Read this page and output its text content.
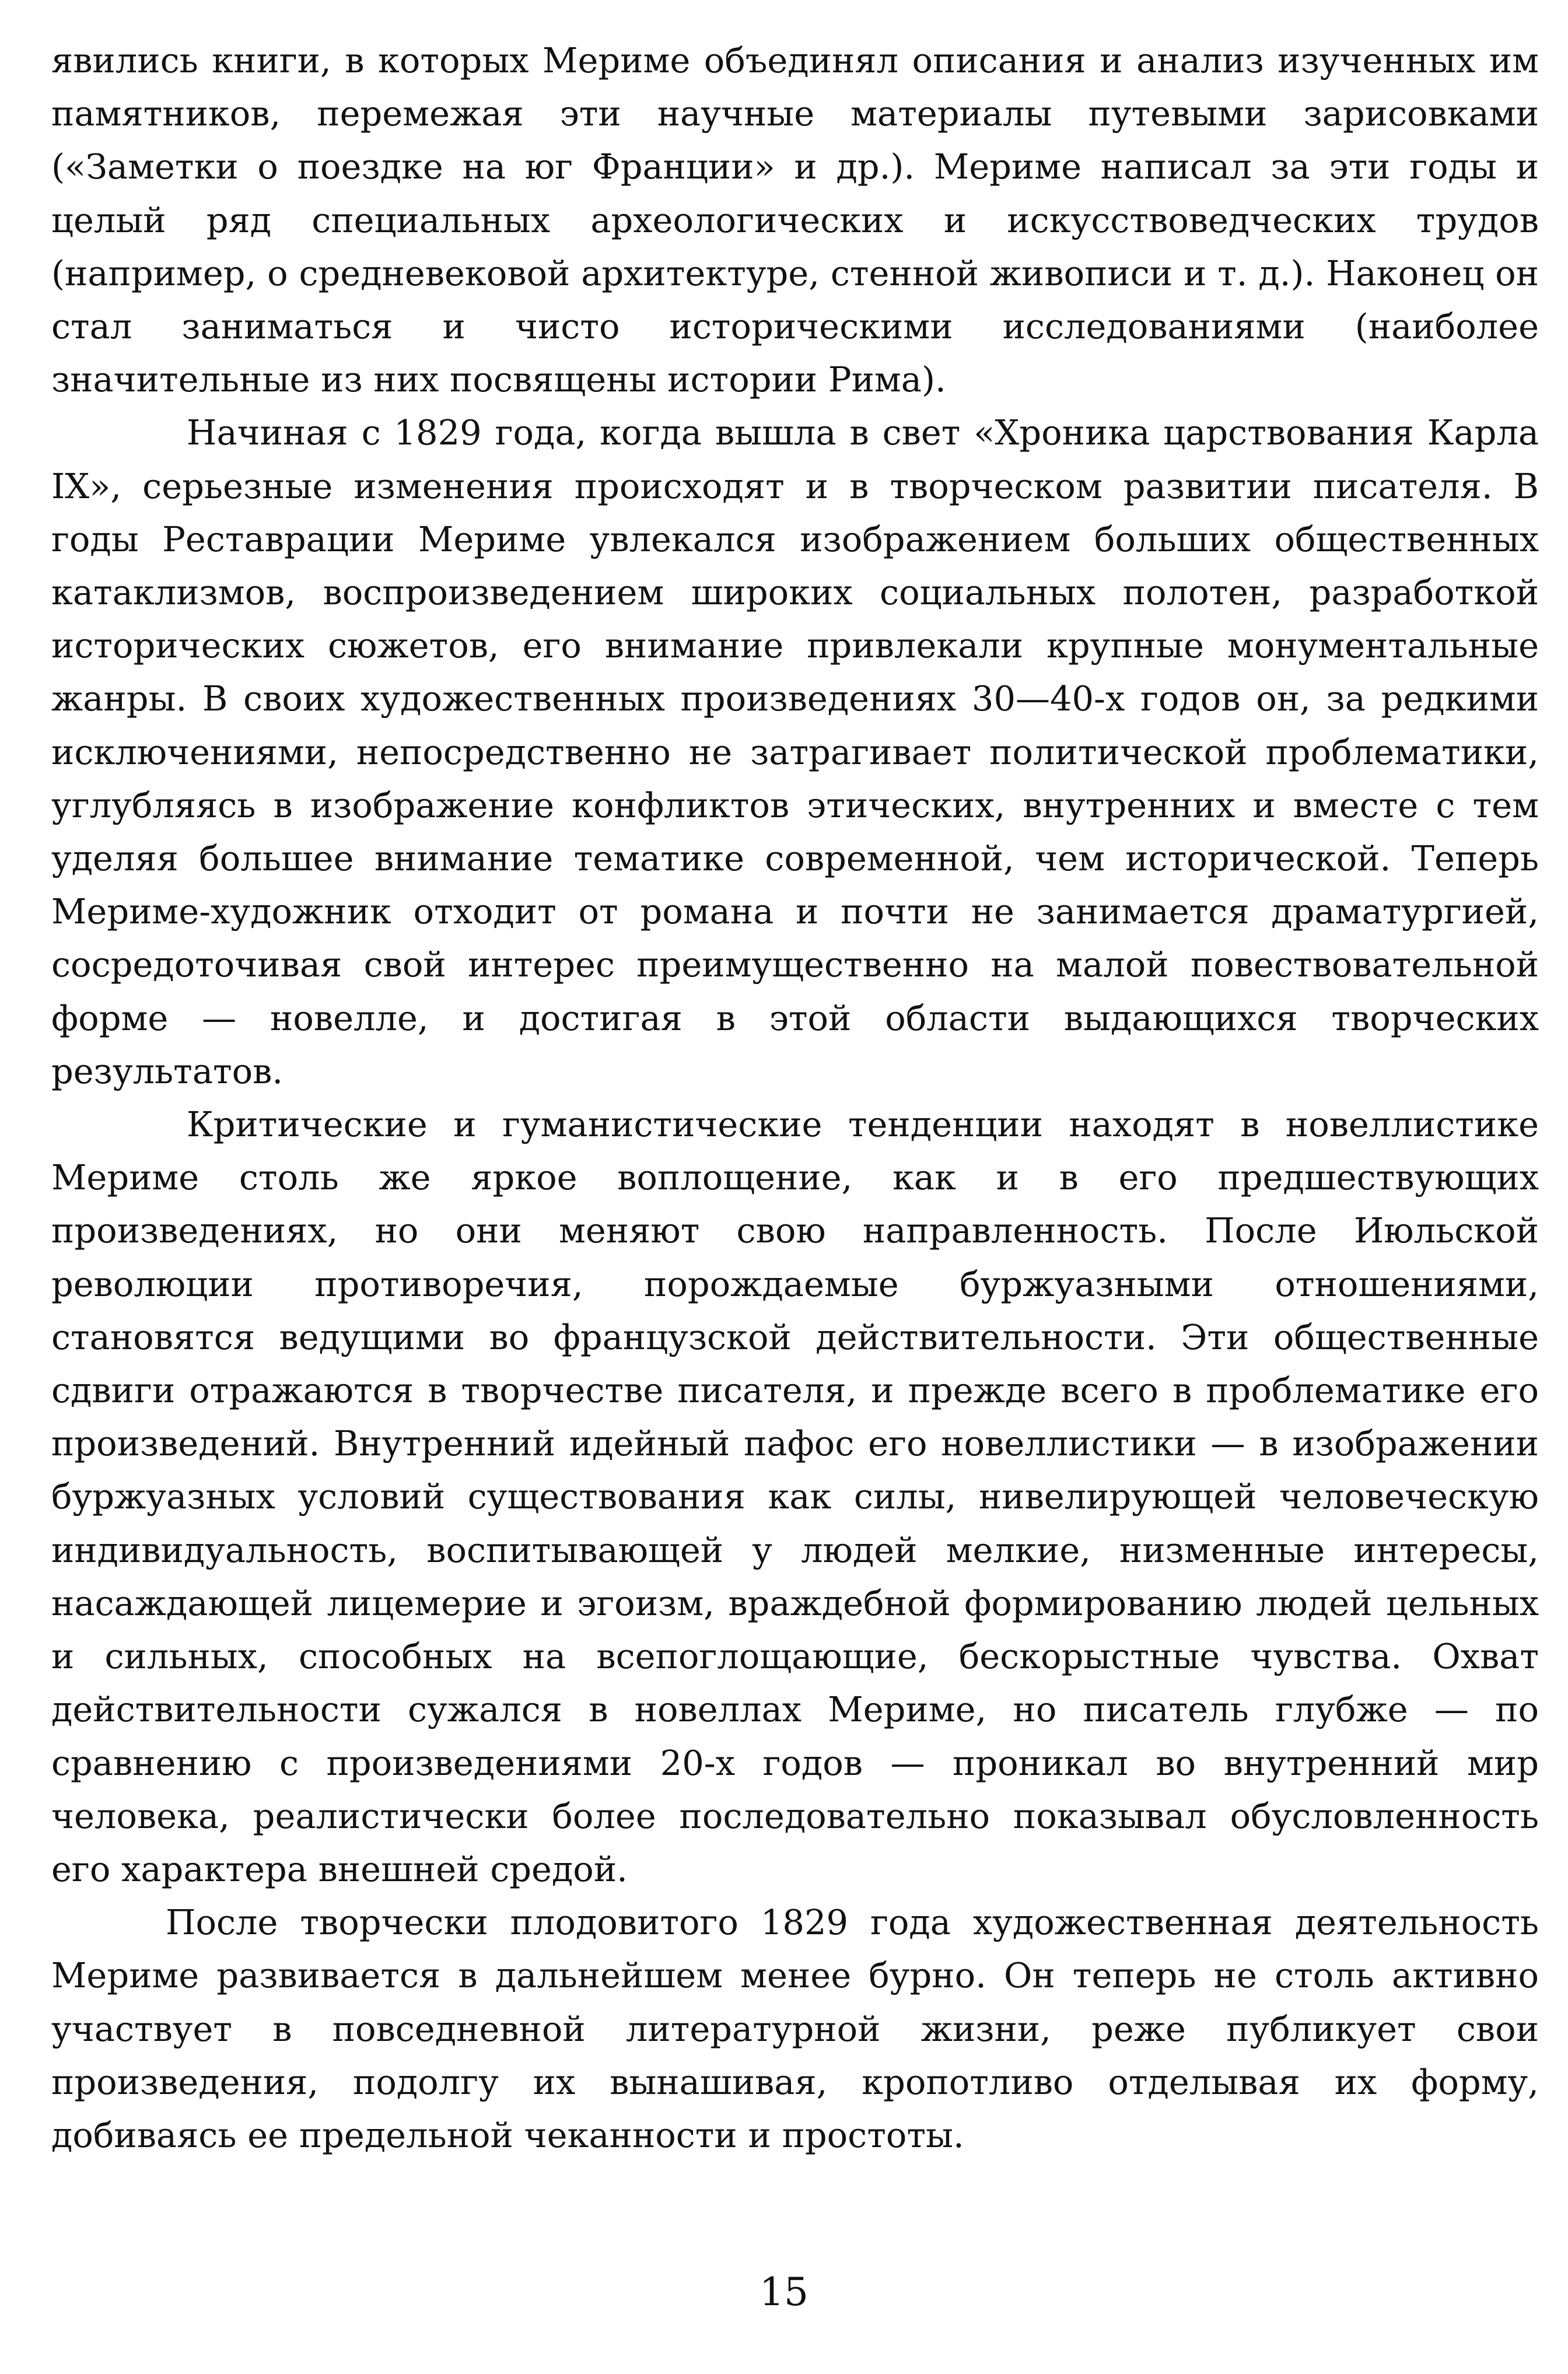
явились книги, в которых Мериме объединял описания и анализ изученных им памятников, перемежая эти научные материалы путевыми зарисовками («Заметки о поездке на юг Франции» и др.). Мериме написал за эти годы и целый ряд специальных археологических и искусствоведческих трудов (например, о средневековой архитектуре, стенной живописи и т. д.). Наконец он стал заниматься и чисто историческими исследованиями (наиболее значительные из них посвящены истории Рима).

Начиная с 1829 года, когда вышла в свет «Хроника царствования Карла IX», серьезные изменения происходят и в творческом развитии писателя. В годы Реставрации Мериме увлекался изображением больших общественных катаклизмов, воспроизведением широких социальных полотен, разработкой исторических сюжетов, его внимание привлекали крупные монументальные жанры. В своих художественных произведениях 30—40-х годов он, за редкими исключениями, непосредственно не затрагивает политической проблематики, углубляясь в изображение конфликтов этических, внутренних и вместе с тем уделяя большее внимание тематике современной, чем исторической. Теперь Мериме-художник отходит от романа и почти не занимается драматургией, сосредоточивая свой интерес преимущественно на малой повествовательной форме — новелле, и достигая в этой области выдающихся творческих результатов.

Критические и гуманистические тенденции находят в новеллистике Мериме столь же яркое воплощение, как и в его предшествующих произведениях, но они меняют свою направленность. После Июльской революции противоречия, порождаемые буржуазными отношениями, становятся ведущими во французской действительности. Эти общественные сдвиги отражаются в творчестве писателя, и прежде всего в проблематике его произведений. Внутренний идейный пафос его новеллистики — в изображении буржуазных условий существования как силы, нивелирующей человеческую индивидуальность, воспитывающей у людей мелкие, низменные интересы, насаждающей лицемерие и эгоизм, враждебной формированию людей цельных и сильных, способных на всепоглощающие, бескорыстные чувства. Охват действительности сужался в новеллах Мериме, но писатель глубже — по сравнению с произведениями 20-х годов — проникал во внутренний мир человека, реалистически более последовательно показывал обусловленность его характера внешней средой.

После творчески плодовитого 1829 года художественная деятельность Мериме развивается в дальнейшем менее бурно. Он теперь не столь активно участвует в повседневной литературной жизни, реже публикует свои произведения, подолгу их вынашивая, кропотливо отделывая их форму, добиваясь ее предельной чеканности и простоты.

15
